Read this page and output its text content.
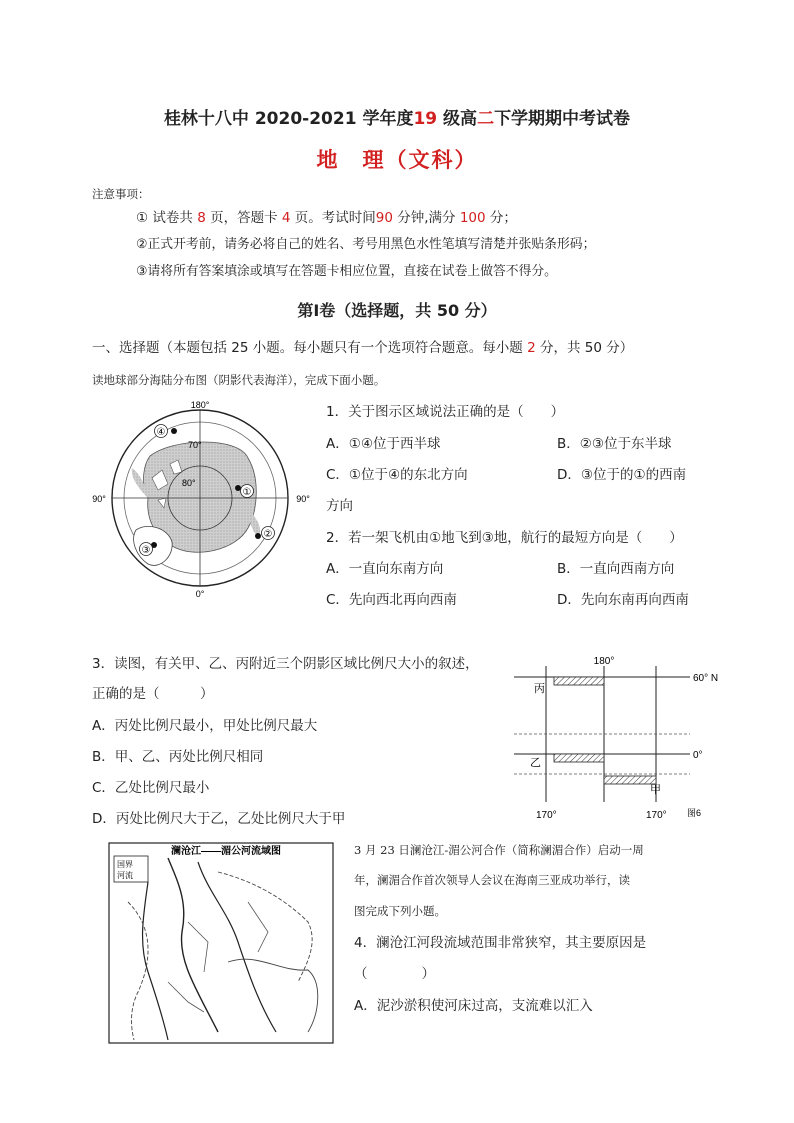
桂林十八中 2020-2021 学年度19 级高二下学期期中考试卷
地　理（文科）
注意事项：
① 试卷共 8 页，答题卡 4 页。考试时间90 分钟,满分 100 分；
②正式开考前，请务必将自己的姓名、考号用黑色水性笔填写清楚并张贴条形码；
③请将所有答案填涂或填写在答题卡相应位置，直接在试卷上做答不得分。
第Ⅰ卷（选择题，共 50 分）
一、选择题（本题包括 25 小题。每小题只有一个选项符合题意。每小题 2 分，共 50 分）
读地球部分海陆分布图（阴影代表海洋），完成下面小题。
180°
0°
90°	90°
70°
80°
④
①
②
③
1．关于图示区域说法正确的是（　　）
A．①④位于西半球	B．②③位于东半球
C．①位于④的东北方向	D．③位于的①的西南
方向
2．若一架飞机由①地飞到③地，航行的最短方向是（　　）
A．一直向东南方向	B．一直向西南方向
C．先向西北再向西南	D．先向东南再向西南
3．读图，有关甲、乙、丙附近三个阴影区域比例尺大小的叙述，
正确的是（　　　）
A．丙处比例尺最小，甲处比例尺最大
B．甲、乙、丙处比例尺相同
C．乙处比例尺最小
D．丙处比例尺大于乙，乙处比例尺大于甲
180°
60° N
0°
丙
乙
甲
170°	170° 图6
澜沧江——湄公河流域图
国界
河流
3 月 23 日澜沧江-湄公河合作（简称澜湄合作）启动一周
年，澜湄合作首次领导人会议在海南三亚成功举行，读
图完成下列小题。
4．澜沧江河段流域范围非常狭窄，其主要原因是
（　　　　）
A．泥沙淤积使河床过高，支流难以汇入
